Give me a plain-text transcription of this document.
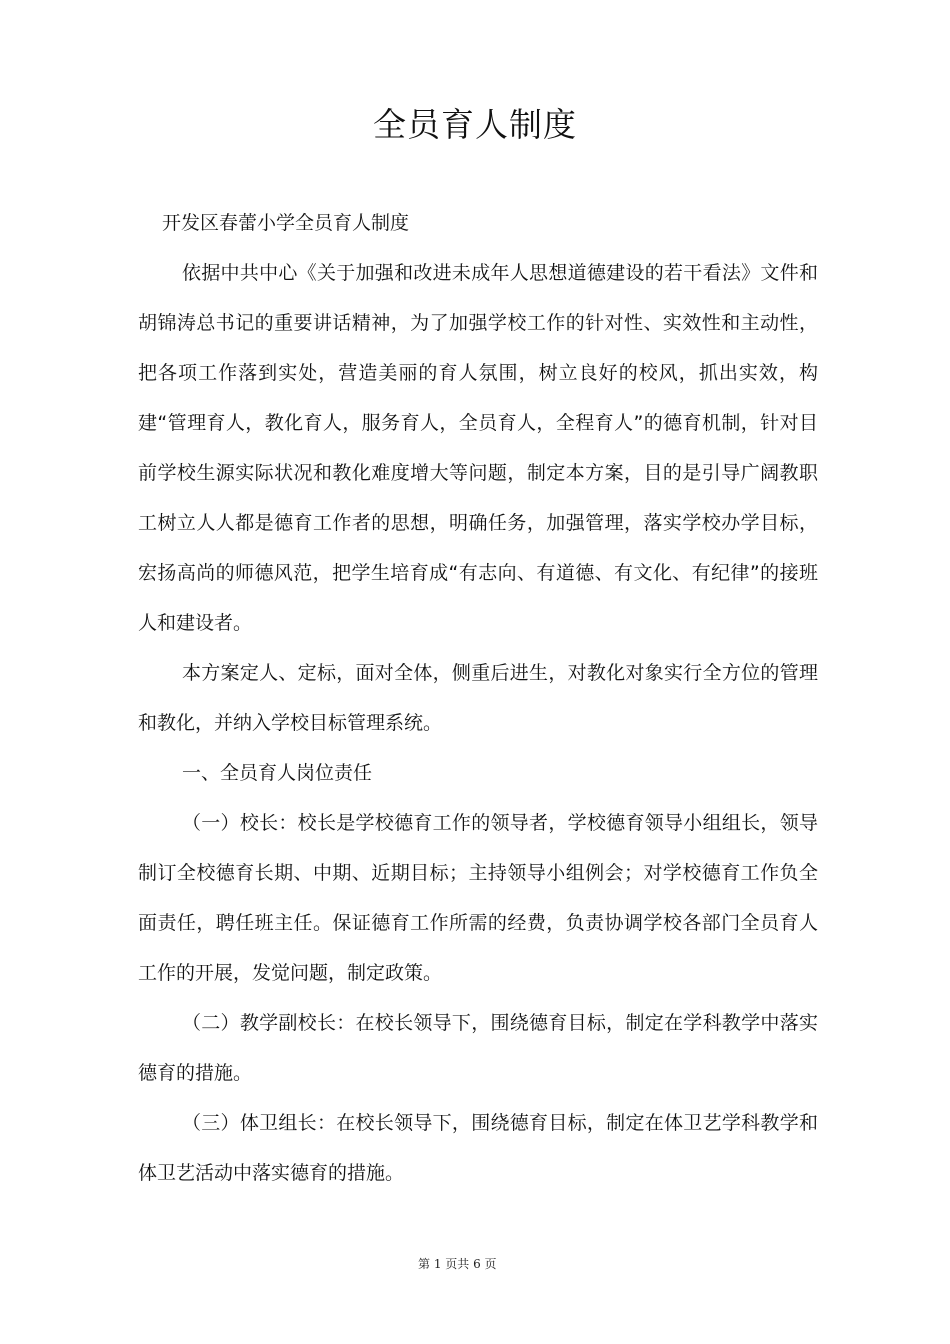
全员育人制度

开发区春蕾小学全员育人制度

依据中共中心《关于加强和改进未成年人思想道德建设的若干看法》文件和胡锦涛总书记的重要讲话精神，为了加强学校工作的针对性、实效性和主动性，把各项工作落到实处，营造美丽的育人氛围，树立良好的校风，抓出实效，构建“管理育人，教化育人，服务育人，全员育人，全程育人”的德育机制，针对目前学校生源实际状况和教化难度增大等问题，制定本方案，目的是引导广阔教职工树立人人都是德育工作者的思想，明确任务，加强管理，落实学校办学目标，宏扬高尚的师德风范，把学生培育成“有志向、有道德、有文化、有纪律”的接班人和建设者。

本方案定人、定标，面对全体，侧重后进生，对教化对象实行全方位的管理和教化，并纳入学校目标管理系统。

一、全员育人岗位责任

（一）校长：校长是学校德育工作的领导者，学校德育领导小组组长，领导制订全校德育长期、中期、近期目标；主持领导小组例会；对学校德育工作负全面责任，聘任班主任。保证德育工作所需的经费，负责协调学校各部门全员育人工作的开展，发觉问题，制定政策。

（二）教学副校长：在校长领导下，围绕德育目标，制定在学科教学中落实德育的措施。

（三）体卫组长：在校长领导下，围绕德育目标，制定在体卫艺学科教学和体卫艺活动中落实德育的措施。

第 1 页共 6 页
